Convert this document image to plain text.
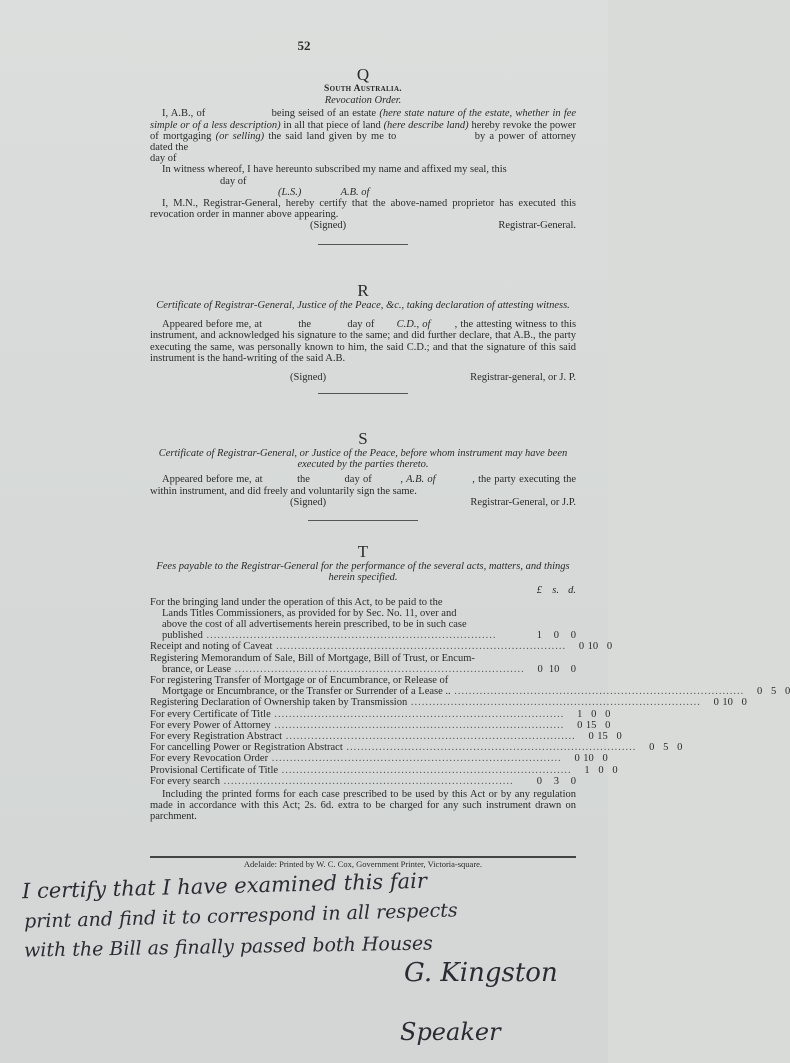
52

Q

South Australia.
Revocation Order.

I, A.B., of	being seised of an estate (here state nature of the estate, whether in fee simple or of a less description) in all that piece of land (here describe land) hereby revoke the power of mortgaging (or selling) the said land given by me to	by a power of attorney dated the
day of

In witness whereof, I have hereunto subscribed my name and affixed my seal, this
day of

(L.S.)	A.B. of

I, M.N., Registrar-General, hereby certify that the above-named proprietor has executed this revocation order in manner above appearing.

(Signed)	Registrar-General.

R

Certificate of Registrar-General, Justice of the Peace, &c., taking declaration of attesting witness.

Appeared before me, at	the	day of C.D., of , the attesting witness to this instrument, and acknowledged his signature to the same; and did further declare, that A.B., the party executing the same, was personally known to him, the said C.D.; and that the signature of this said instrument is the hand-writing of the said A.B.

(Signed)	Registrar-general, or J. P.

S

Certificate of Registrar-General, or Justice of the Peace, before whom instrument may have been executed by the parties thereto.

Appeared before me, at	the	day of	, A.B. of	, the party executing the within instrument, and did freely and voluntarily sign the same.

(Signed)	Registrar-General, or J.P.

T

Fees payable to the Registrar-General for the performance of the several acts, matters, and things herein specified.
£ s. d.
For the bringing land under the operation of this Act, to be paid to the
Lands Titles Commissioners, as provided for by Sec. No. 11, over and
above the cost of all advertisements herein prescribed, to be in such case
published ................................................................................	1	0	0
Receipt and noting of Caveat ................................................................................	0 10 0
Registering Memorandum of Sale, Bill of Mortgage, Bill of Trust, or Encum-
brance, or Lease ................................................................................	0 10	0
For registering Transfer of Mortgage or of Encumbrance, or Release of
Mortgage or Encumbrance, or the Transfer or Surrender of a Lease .. ................................................................................	0 5 0
Registering Declaration of Ownership taken by Transmission ................................................................................	0 10 0
For every Certificate of Title ................................................................................	1 0 0
For every Power of Attorney ................................................................................	0 15 0
For every Registration Abstract ................................................................................	0 15 0
For cancelling Power or Registration Abstract ................................................................................	0 5 0
For every Revocation Order ................................................................................	0 10 0
Provisional Certificate of Title ................................................................................	1 0 0
For every search ................................................................................	0	3	0

Including the printed forms for each case prescribed to be used by this Act or by any regulation made in accordance with this Act; 2s. 6d. extra to be charged for any such instrument drawn on parchment.

Adelaide: Printed by W. C. Cox, Government Printer, Victoria-square.
I certify that I have examined this fair
print and find it to correspond in all respects
with the Bill as finally passed both Houses
G. Kingston
Speaker
